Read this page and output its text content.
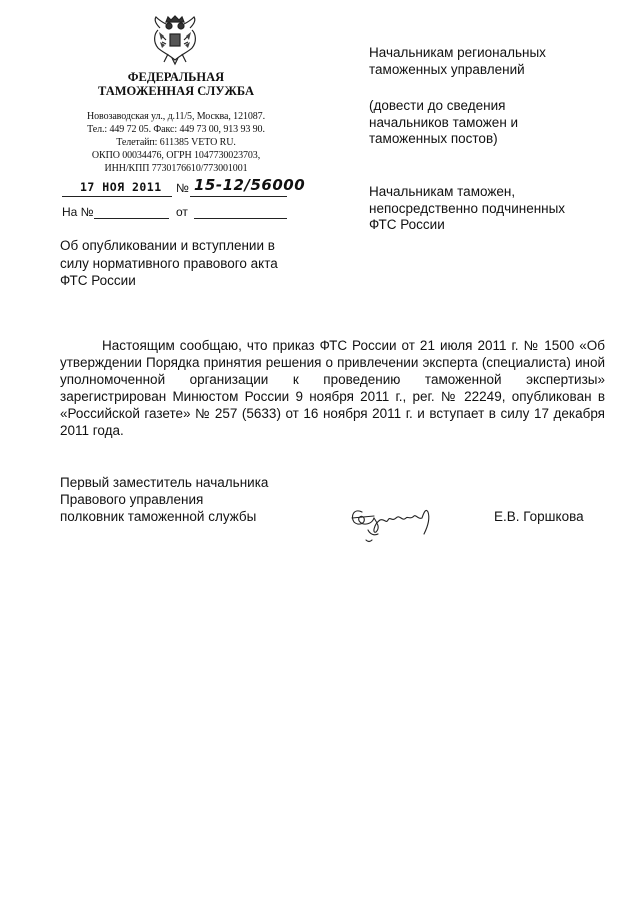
ФЕДЕРАЛЬНАЯ
ТАМОЖЕННАЯ СЛУЖБА
Новозаводская ул., д.11/5, Москва, 121087.
Тел.: 449 72 05. Факс: 449 73 00, 913 93 90.
Телетайп: 611385 VETO RU.
ОКПО 00034476, ОГРН 1047730023703,
ИНН/КПП 7730176610/773001001
17 НОЯ 2011 № 15-12/56000
На №	от
Об опубликовании и вступлении в
силу нормативного правового акта
ФТС России
Начальникам региональных
таможенных управлений
(довести до сведения
начальников таможен и
таможенных постов)
Начальникам таможен,
непосредственно подчиненных
ФТС России
Настоящим сообщаю, что приказ ФТС России от 21 июля 2011 г. № 1500 «Об утверждении Порядка принятия решения о привлечении эксперта (специалиста) иной уполномоченной организации к проведению таможенной экспертизы» зарегистрирован Минюстом России 9 ноября 2011 г., рег. № 22249, опубликован в «Российской газете» № 257 (5633) от 16 ноября 2011 г. и вступает в силу 17 декабря 2011 года.
Первый заместитель начальника
Правового управления
полковник таможенной службы	Е.В. Горшкова
